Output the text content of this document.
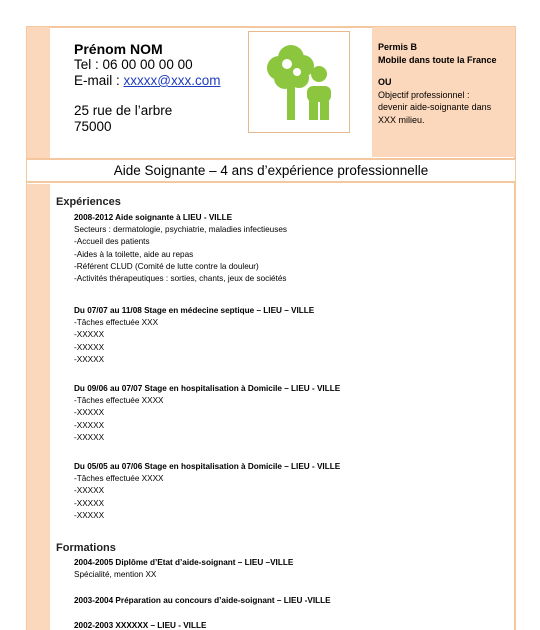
Prénom NOM
Tel : 06 00 00 00 00
E-mail : xxxxx@xxx.com
25 rue de l’arbre
75000
Permis B
Mobile dans toute la France
OU
Objectif professionnel :
devenir aide-soignante dans
XXX milieu.
Aide Soignante – 4 ans d’expérience professionnelle
Expériences
2008-2012 Aide soignante à LIEU - VILLE
Secteurs : dermatologie, psychiatrie, maladies infectieuses
-Accueil des patients
-Aides à la toilette, aide au repas
-Référent CLUD (Comité de lutte contre la douleur)
-Activités thérapeutiques : sorties, chants, jeux de sociétés
Du 07/07 au 11/08 Stage en médecine septique – LIEU – VILLE
-Tâches effectuée XXX
-XXXXX
-XXXXX
-XXXXX
Du 09/06 au 07/07 Stage en hospitalisation à Domicile – LIEU - VILLE
-Tâches effectuée XXXX
-XXXXX
-XXXXX
-XXXXX
Du 05/05 au 07/06 Stage en hospitalisation à Domicile – LIEU - VILLE
-Tâches effectuée XXXX
-XXXXX
-XXXXX
-XXXXX
Formations
2004-2005 Diplôme d’Etat d’aide-soignant – LIEU –VILLE
Spécialité, mention XX
2003-2004 Préparation au concours d’aide-soignant – LIEU -VILLE
2002-2003 XXXXXX – LIEU - VILLE
